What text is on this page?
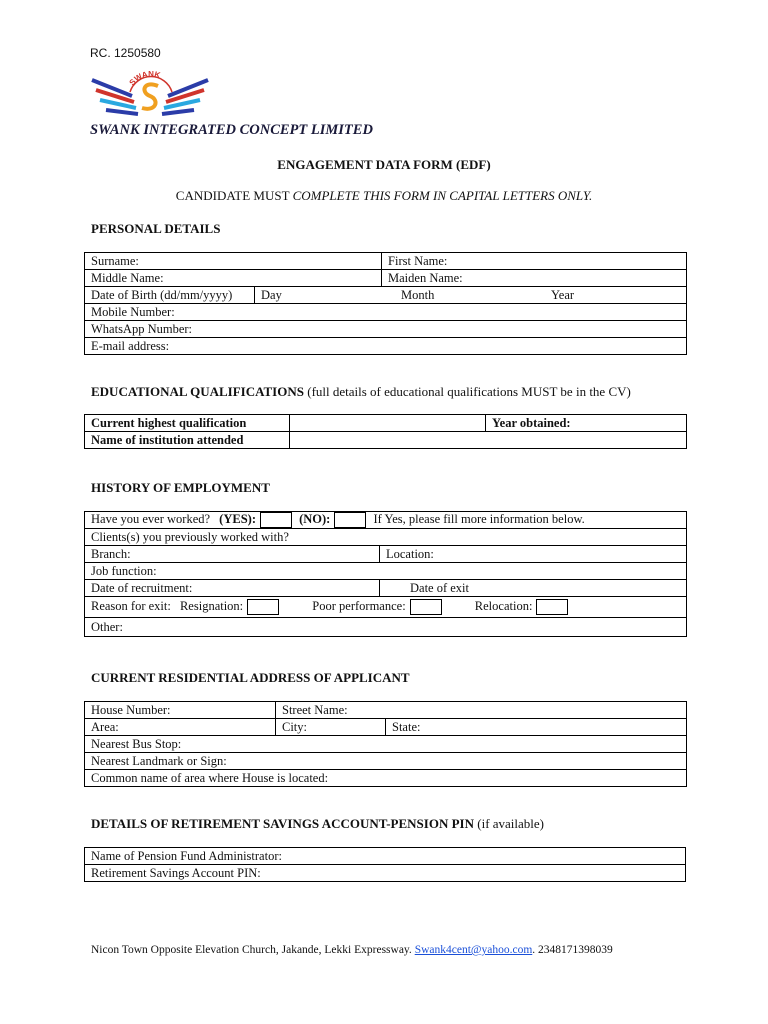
RC. 1250580
SWANK
SWANK INTEGRATED CONCEPT LIMITED
ENGAGEMENT DATA FORM (EDF)
CANDIDATE MUST COMPLETE THIS FORM IN CAPITAL LETTERS ONLY.
PERSONAL DETAILS
Surname:		First Name:
Middle Name:		Maiden Name:
Date of Birth (dd/mm/yyyy)	Day Month Year	

Mobile Number:		
WhatsApp Number:		
E-mail address:		
EDUCATIONAL QUALIFICATIONS (full details of educational qualifications MUST be in the CV)
Current highest qualification		Year obtained:
Name of institution attended		
HISTORY OF EMPLOYMENT
Have you ever worked? (YES): (NO): If Yes, please fill more information below.	
Clients(s) you previously worked with?	
Branch:	Location:
Job function:	
Date of recruitment:	Date of exit
Reason for exit: Resignation: Poor performance: Relocation:	
Other:	
CURRENT RESIDENTIAL ADDRESS OF APPLICANT
House Number:	Street Name:	
Area:	City:	State:
Nearest Bus Stop:		
Nearest Landmark or Sign:		
Common name of area where House is located:		
DETAILS OF RETIREMENT SAVINGS ACCOUNT-PENSION PIN (if available)
Name of Pension Fund Administrator:
Retirement Savings Account PIN:
Nicon Town Opposite Elevation Church, Jakande, Lekki Expressway. Swank4cent@yahoo.com. 2348171398039
